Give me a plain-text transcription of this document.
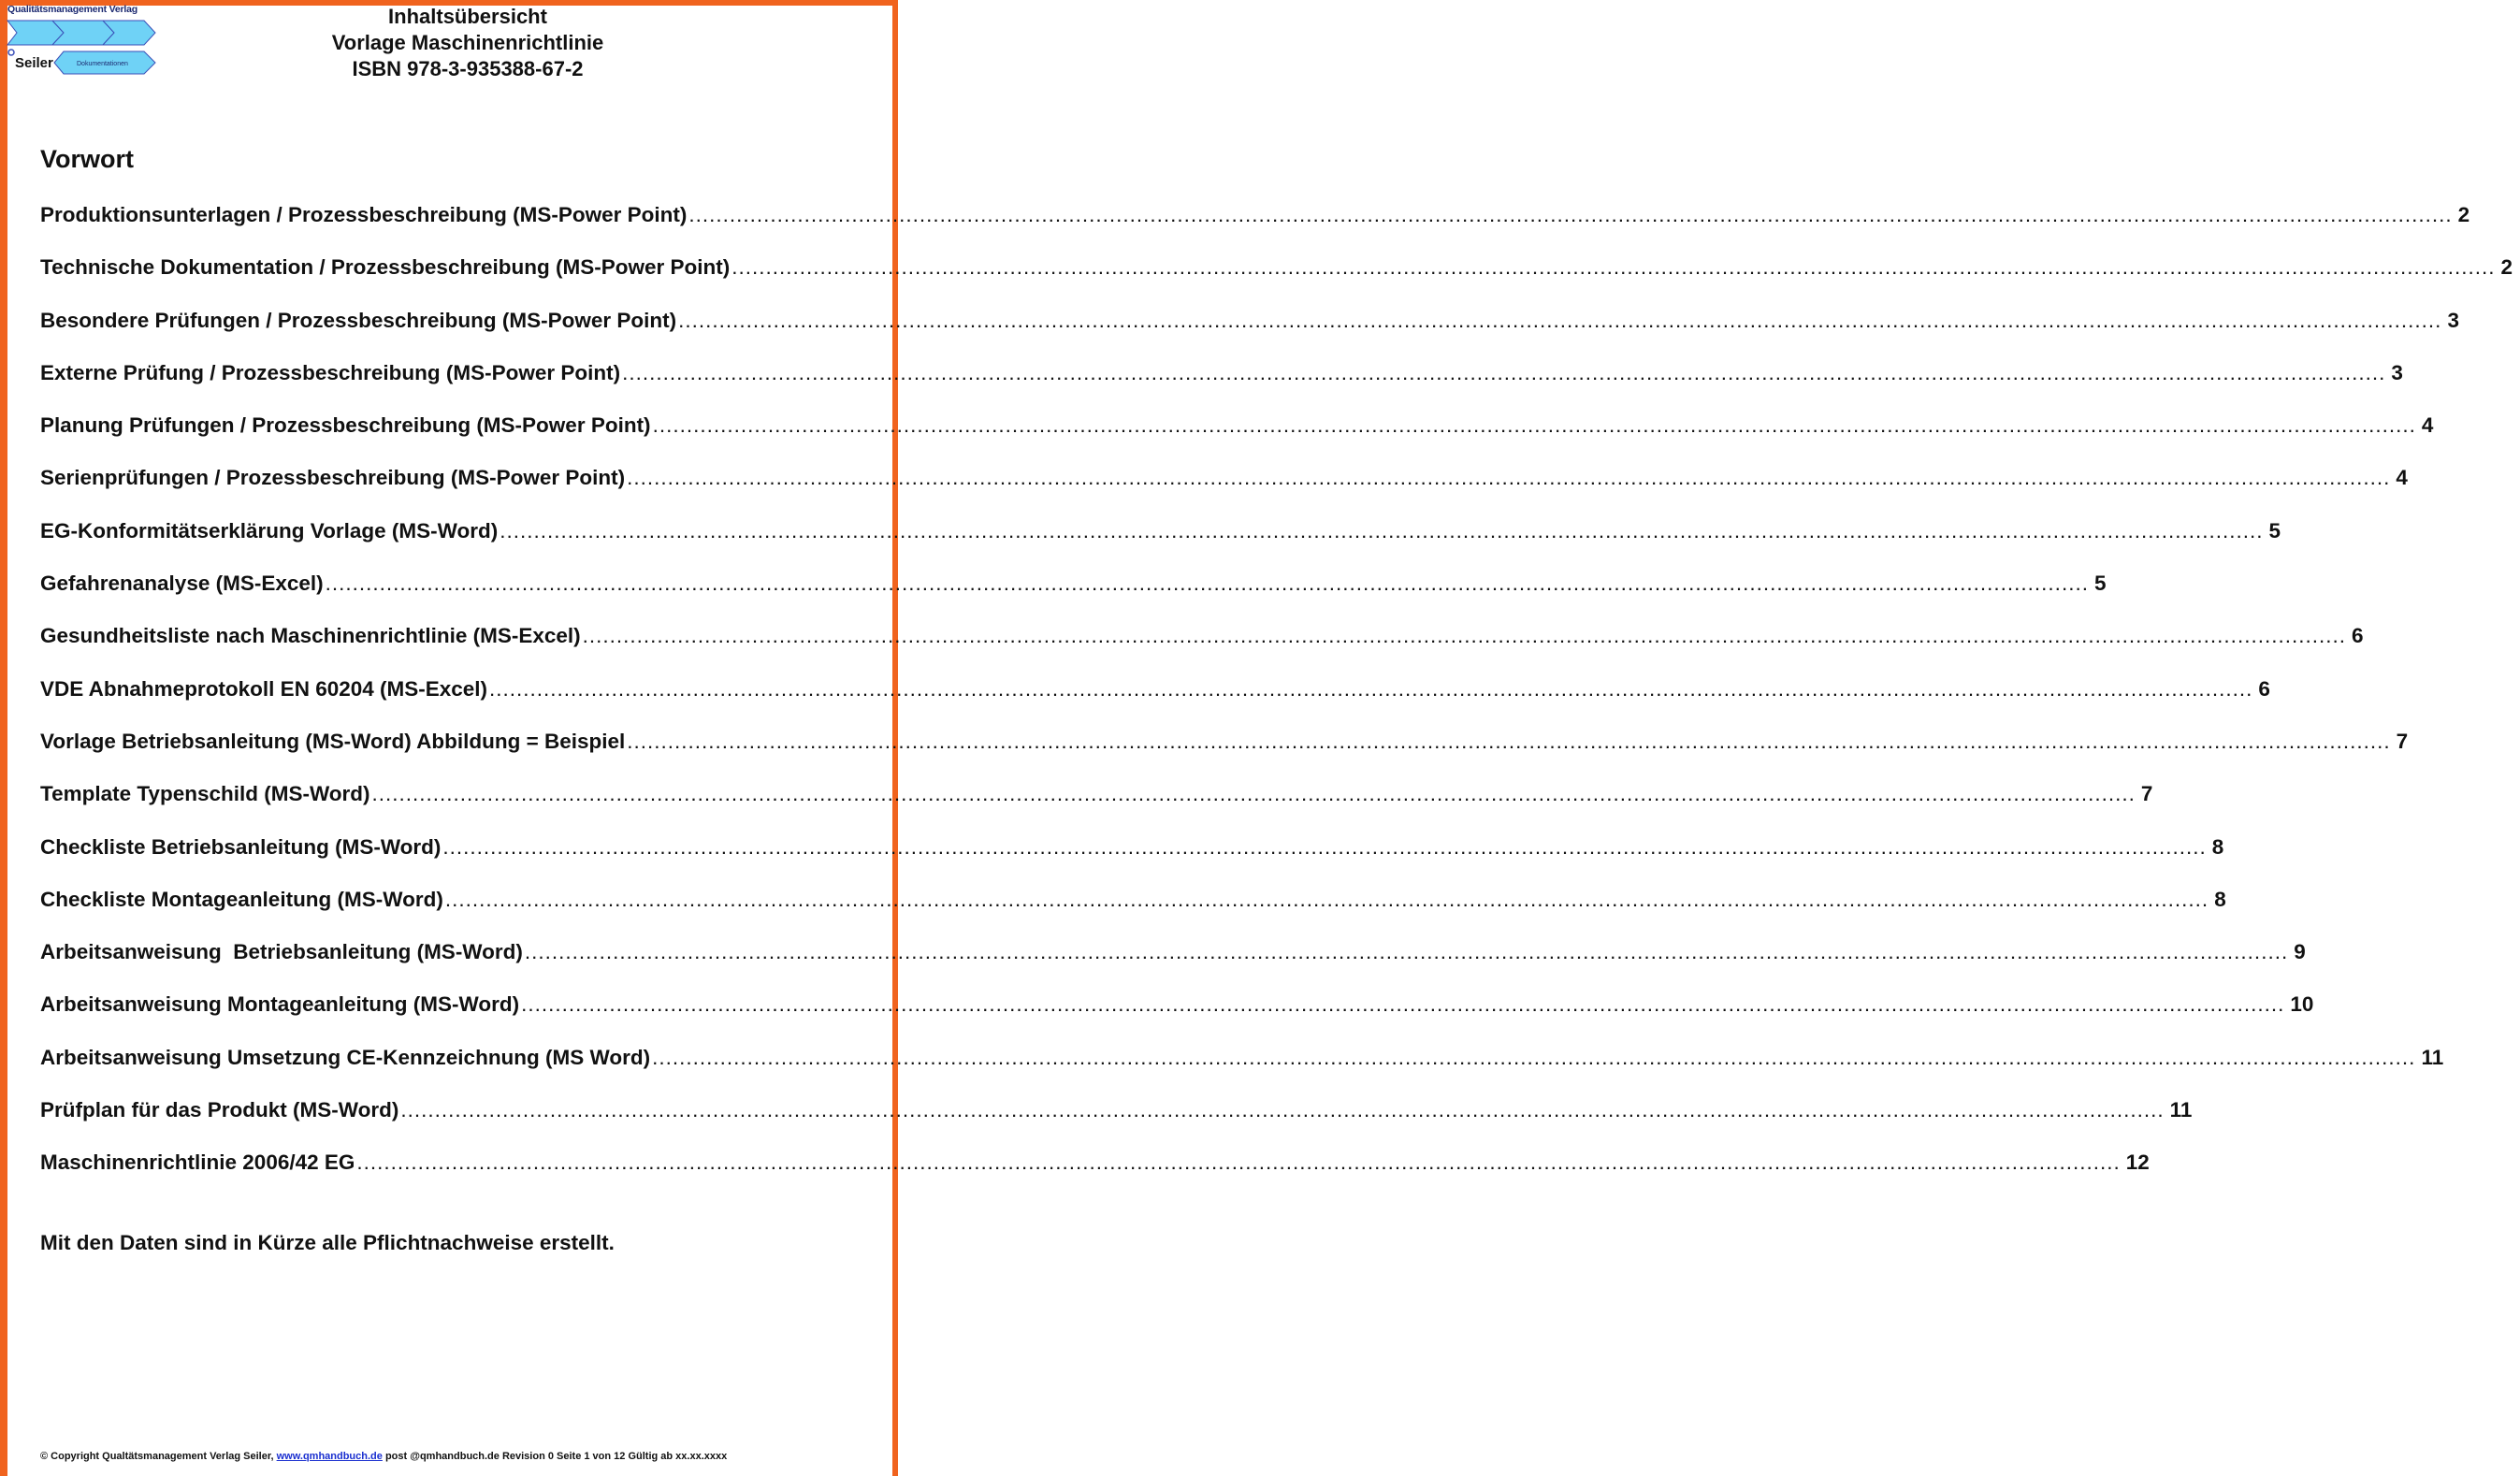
Qualitätsmanagement Verlag
Seiler	Dokumentationen
Inhaltsübersicht
Vorlage Maschinenrichtlinie
ISBN 978-3-935388-67-2
Vorwort
Produktionsunterlagen / Prozessbeschreibung (MS-Power Point) .................................................................................................................................................................................................................................................................... 2
Technische Dokumentation / Prozessbeschreibung (MS-Power Point) .................................................................................................................................................................................................................................................................... 2
Besondere Prüfungen / Prozessbeschreibung (MS-Power Point) .................................................................................................................................................................................................................................................................... 3
Externe Prüfung / Prozessbeschreibung (MS-Power Point) .................................................................................................................................................................................................................................................................... 3
Planung Prüfungen / Prozessbeschreibung (MS-Power Point) .................................................................................................................................................................................................................................................................... 4
Serienprüfungen / Prozessbeschreibung (MS-Power Point) .................................................................................................................................................................................................................................................................... 4
EG-Konformitätserklärung Vorlage (MS-Word) .................................................................................................................................................................................................................................................................... 5
Gefahrenanalyse (MS-Excel) .................................................................................................................................................................................................................................................................... 5
Gesundheitsliste nach Maschinenrichtlinie (MS-Excel) .................................................................................................................................................................................................................................................................... 6
VDE Abnahmeprotokoll EN 60204 (MS-Excel) .................................................................................................................................................................................................................................................................... 6
Vorlage Betriebsanleitung (MS-Word) Abbildung = Beispiel .................................................................................................................................................................................................................................................................... 7
Template Typenschild (MS-Word) .................................................................................................................................................................................................................................................................... 7
Checkliste Betriebsanleitung (MS-Word) .................................................................................................................................................................................................................................................................... 8
Checkliste Montageanleitung (MS-Word) .................................................................................................................................................................................................................................................................... 8
Arbeitsanweisung  Betriebsanleitung (MS-Word) .................................................................................................................................................................................................................................................................... 9
Arbeitsanweisung Montageanleitung (MS-Word) .................................................................................................................................................................................................................................................................... 10
Arbeitsanweisung Umsetzung CE-Kennzeichnung (MS Word) .................................................................................................................................................................................................................................................................... 11
Prüfplan für das Produkt (MS-Word) .................................................................................................................................................................................................................................................................... 11
Maschinenrichtlinie 2006/42 EG .................................................................................................................................................................................................................................................................... 12
Mit den Daten sind in Kürze alle Pflichtnachweise erstellt.
© Copyright Qualtätsmanagement Verlag Seiler, www.qmhandbuch.de post @qmhandbuch.de Revision 0 Seite 1 von 12 Gültig ab xx.xx.xxxx
